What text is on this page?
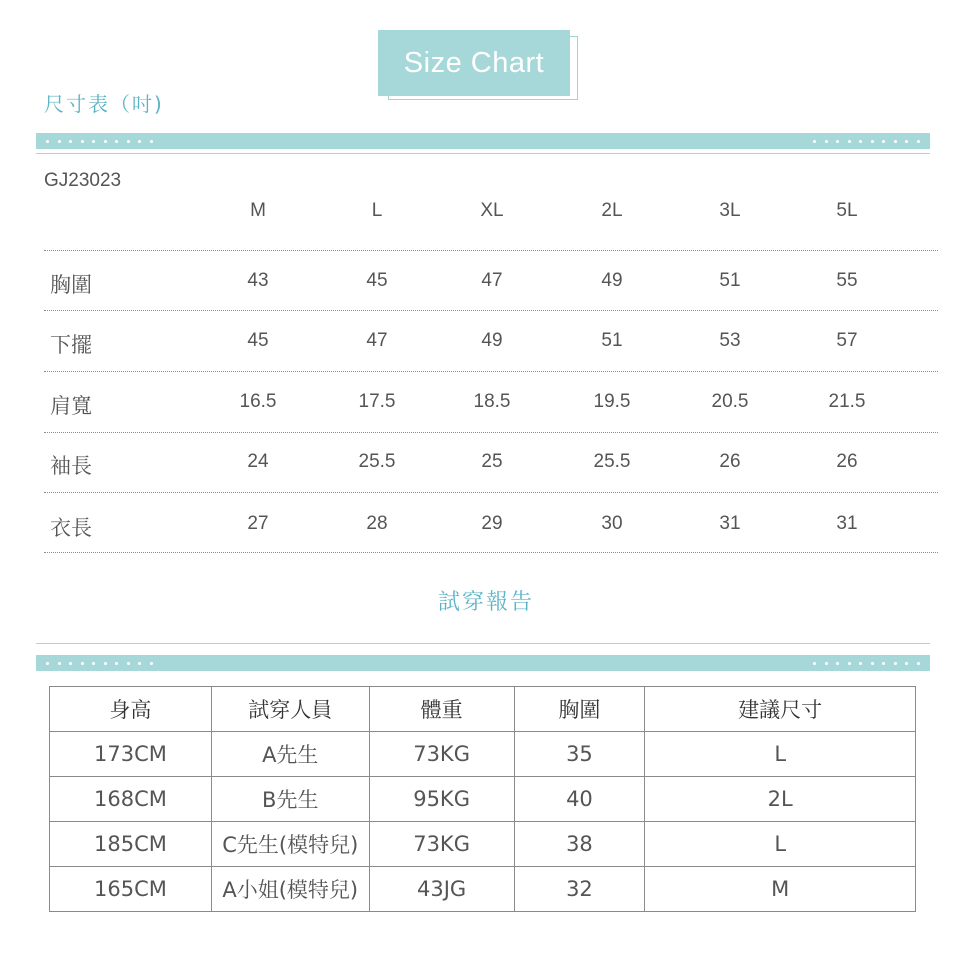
Size Chart
尺寸表（吋)
GJ23023
M	L	XL	2L	3L	5L
胸圍	43	45	47	49	51	55
下擺	45	47	49	51	53	57
肩寬	16.5	17.5	18.5	19.5	20.5	21.5
袖長	24	25.5	25	25.5	26	26
衣長	27	28	29	30	31	31
試穿報告
身高	試穿人員	體重	胸圍	建議尺寸
173CM	A先生	73KG	35	L
168CM	B先生	95KG	40	2L
185CM	C先生(模特兒)	73KG	38	L
165CM	A小姐(模特兒)	43JG	32	M
